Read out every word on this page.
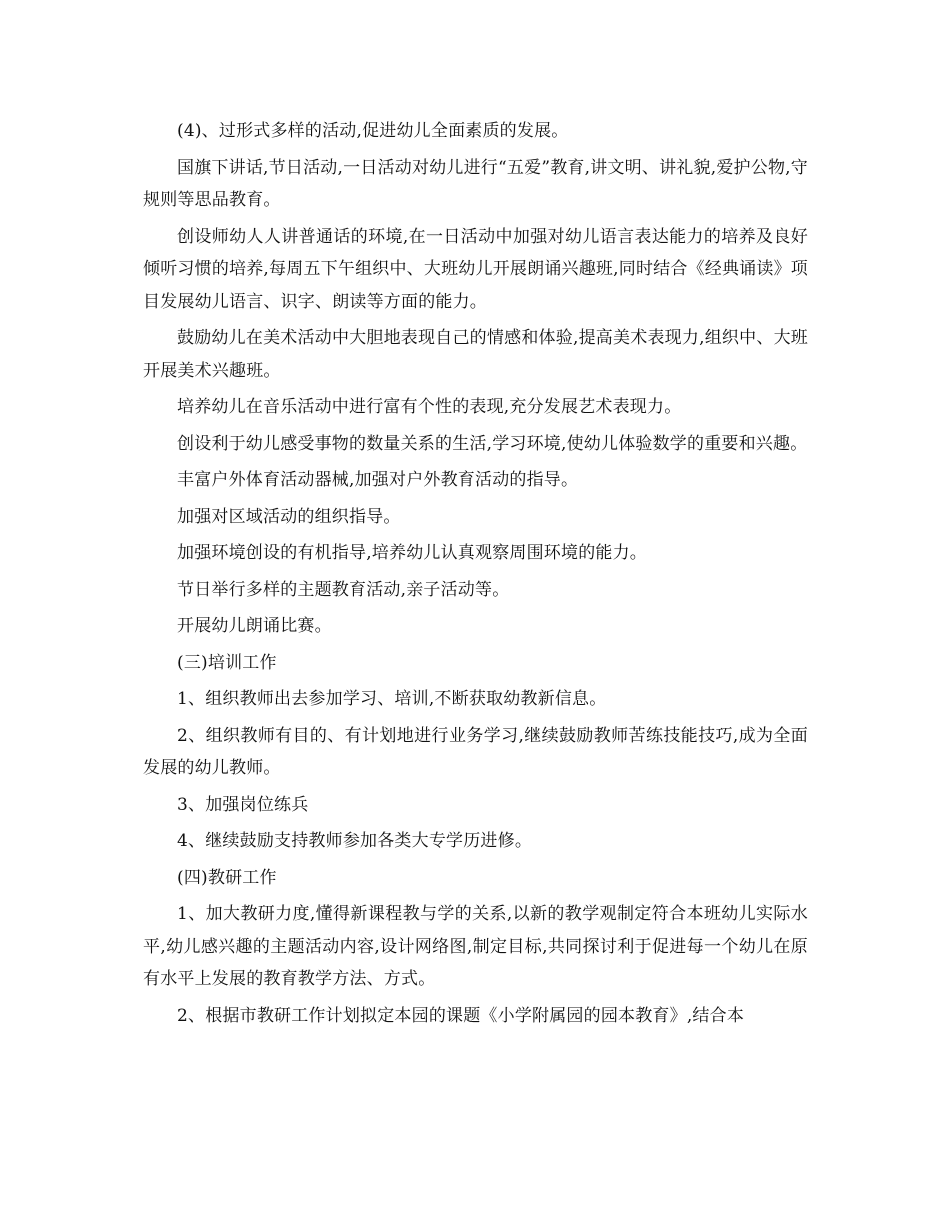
(4)、过形式多样的活动,促进幼儿全面素质的发展。

国旗下讲话,节日活动,一日活动对幼儿进行“五爱”教育,讲文明、讲礼貌,爱护公物,守规则等思品教育。

创设师幼人人讲普通话的环境,在一日活动中加强对幼儿语言表达能力的培养及良好倾听习惯的培养,每周五下午组织中、大班幼儿开展朗诵兴趣班,同时结合《经典诵读》项目发展幼儿语言、识字、朗读等方面的能力。

鼓励幼儿在美术活动中大胆地表现自己的情感和体验,提高美术表现力,组织中、大班开展美术兴趣班。

培养幼儿在音乐活动中进行富有个性的表现,充分发展艺术表现力。

创设利于幼儿感受事物的数量关系的生活,学习环境,使幼儿体验数学的重要和兴趣。

丰富户外体育活动器械,加强对户外教育活动的指导。

加强对区域活动的组织指导。

加强环境创设的有机指导,培养幼儿认真观察周围环境的能力。

节日举行多样的主题教育活动,亲子活动等。

开展幼儿朗诵比赛。

(三)培训工作

1、组织教师出去参加学习、培训,不断获取幼教新信息。

2、组织教师有目的、有计划地进行业务学习,继续鼓励教师苦练技能技巧,成为全面发展的幼儿教师。

3、加强岗位练兵

4、继续鼓励支持教师参加各类大专学历进修。

(四)教研工作

1、加大教研力度,懂得新课程教与学的关系,以新的教学观制定符合本班幼儿实际水平,幼儿感兴趣的主题活动内容,设计网络图,制定目标,共同探讨利于促进每一个幼儿在原有水平上发展的教育教学方法、方式。

2、根据市教研工作计划拟定本园的课题《小学附属园的园本教育》,结合本
